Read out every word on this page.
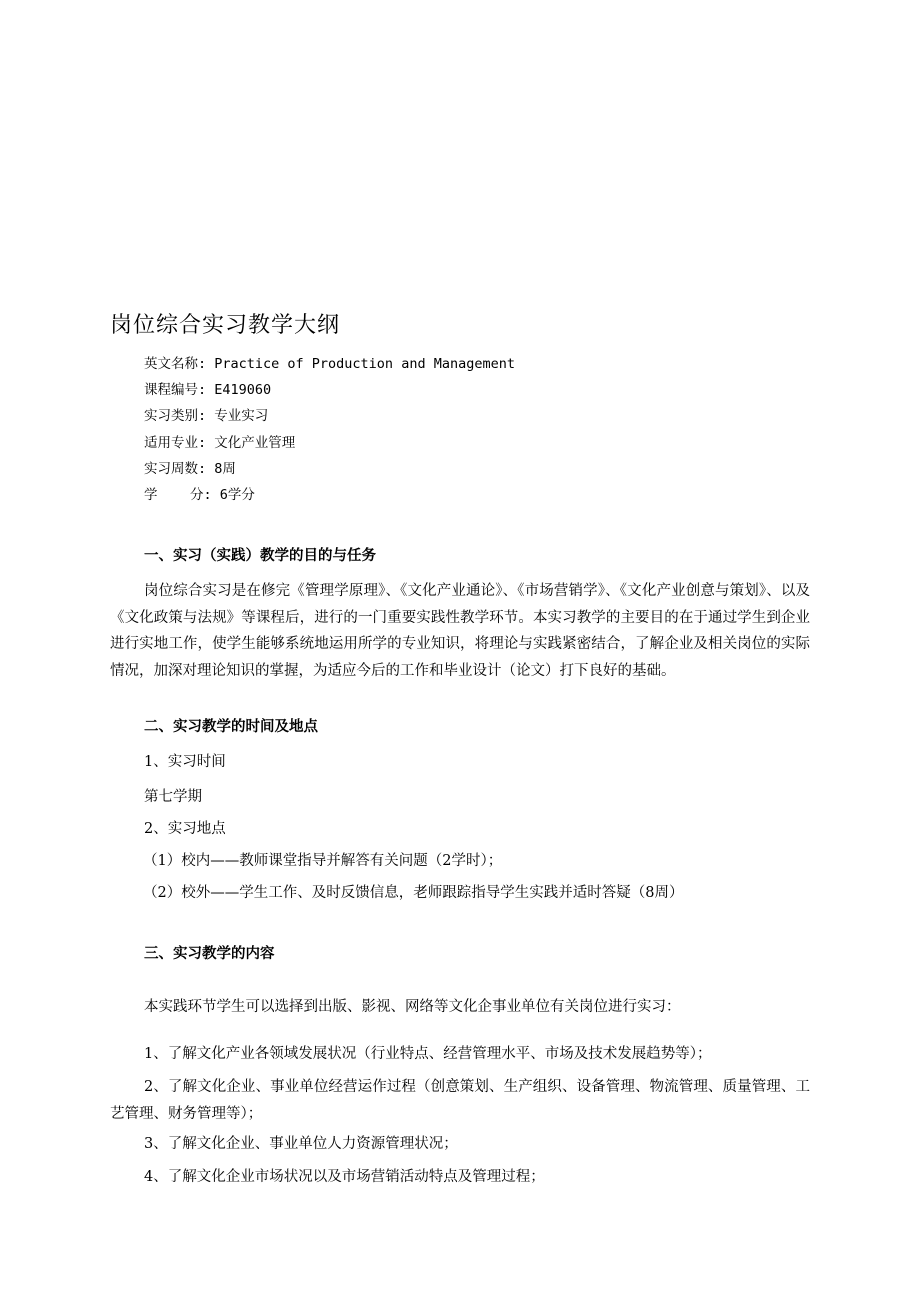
岗位综合实习教学大纲
英文名称: Practice of Production and Management
课程编号: E419060
实习类别: 专业实习
适用专业: 文化产业管理
实习周数: 8周
学    分: 6学分
一、实习（实践）教学的目的与任务

岗位综合实习是在修完《管理学原理》、《文化产业通论》、《市场营销学》、《文化产业创意与策划》、以及《文化政策与法规》等课程后，进行的一门重要实践性教学环节。本实习教学的主要目的在于通过学生到企业进行实地工作，使学生能够系统地运用所学的专业知识，将理论与实践紧密结合，了解企业及相关岗位的实际情况，加深对理论知识的掌握，为适应今后的工作和毕业设计（论文）打下良好的基础。

二、实习教学的时间及地点

1、实习时间

第七学期

2、实习地点

（1）校内——教师课堂指导并解答有关问题（2学时）；

（2）校外——学生工作、及时反馈信息，老师跟踪指导学生实践并适时答疑（8周）

三、实习教学的内容

本实践环节学生可以选择到出版、影视、网络等文化企事业单位有关岗位进行实习：

1、了解文化产业各领域发展状况（行业特点、经营管理水平、市场及技术发展趋势等）；

2、了解文化企业、事业单位经营运作过程（创意策划、生产组织、设备管理、物流管理、质量管理、工艺管理、财务管理等）；

3、了解文化企业、事业单位人力资源管理状况；

4、了解文化企业市场状况以及市场营销活动特点及管理过程；
